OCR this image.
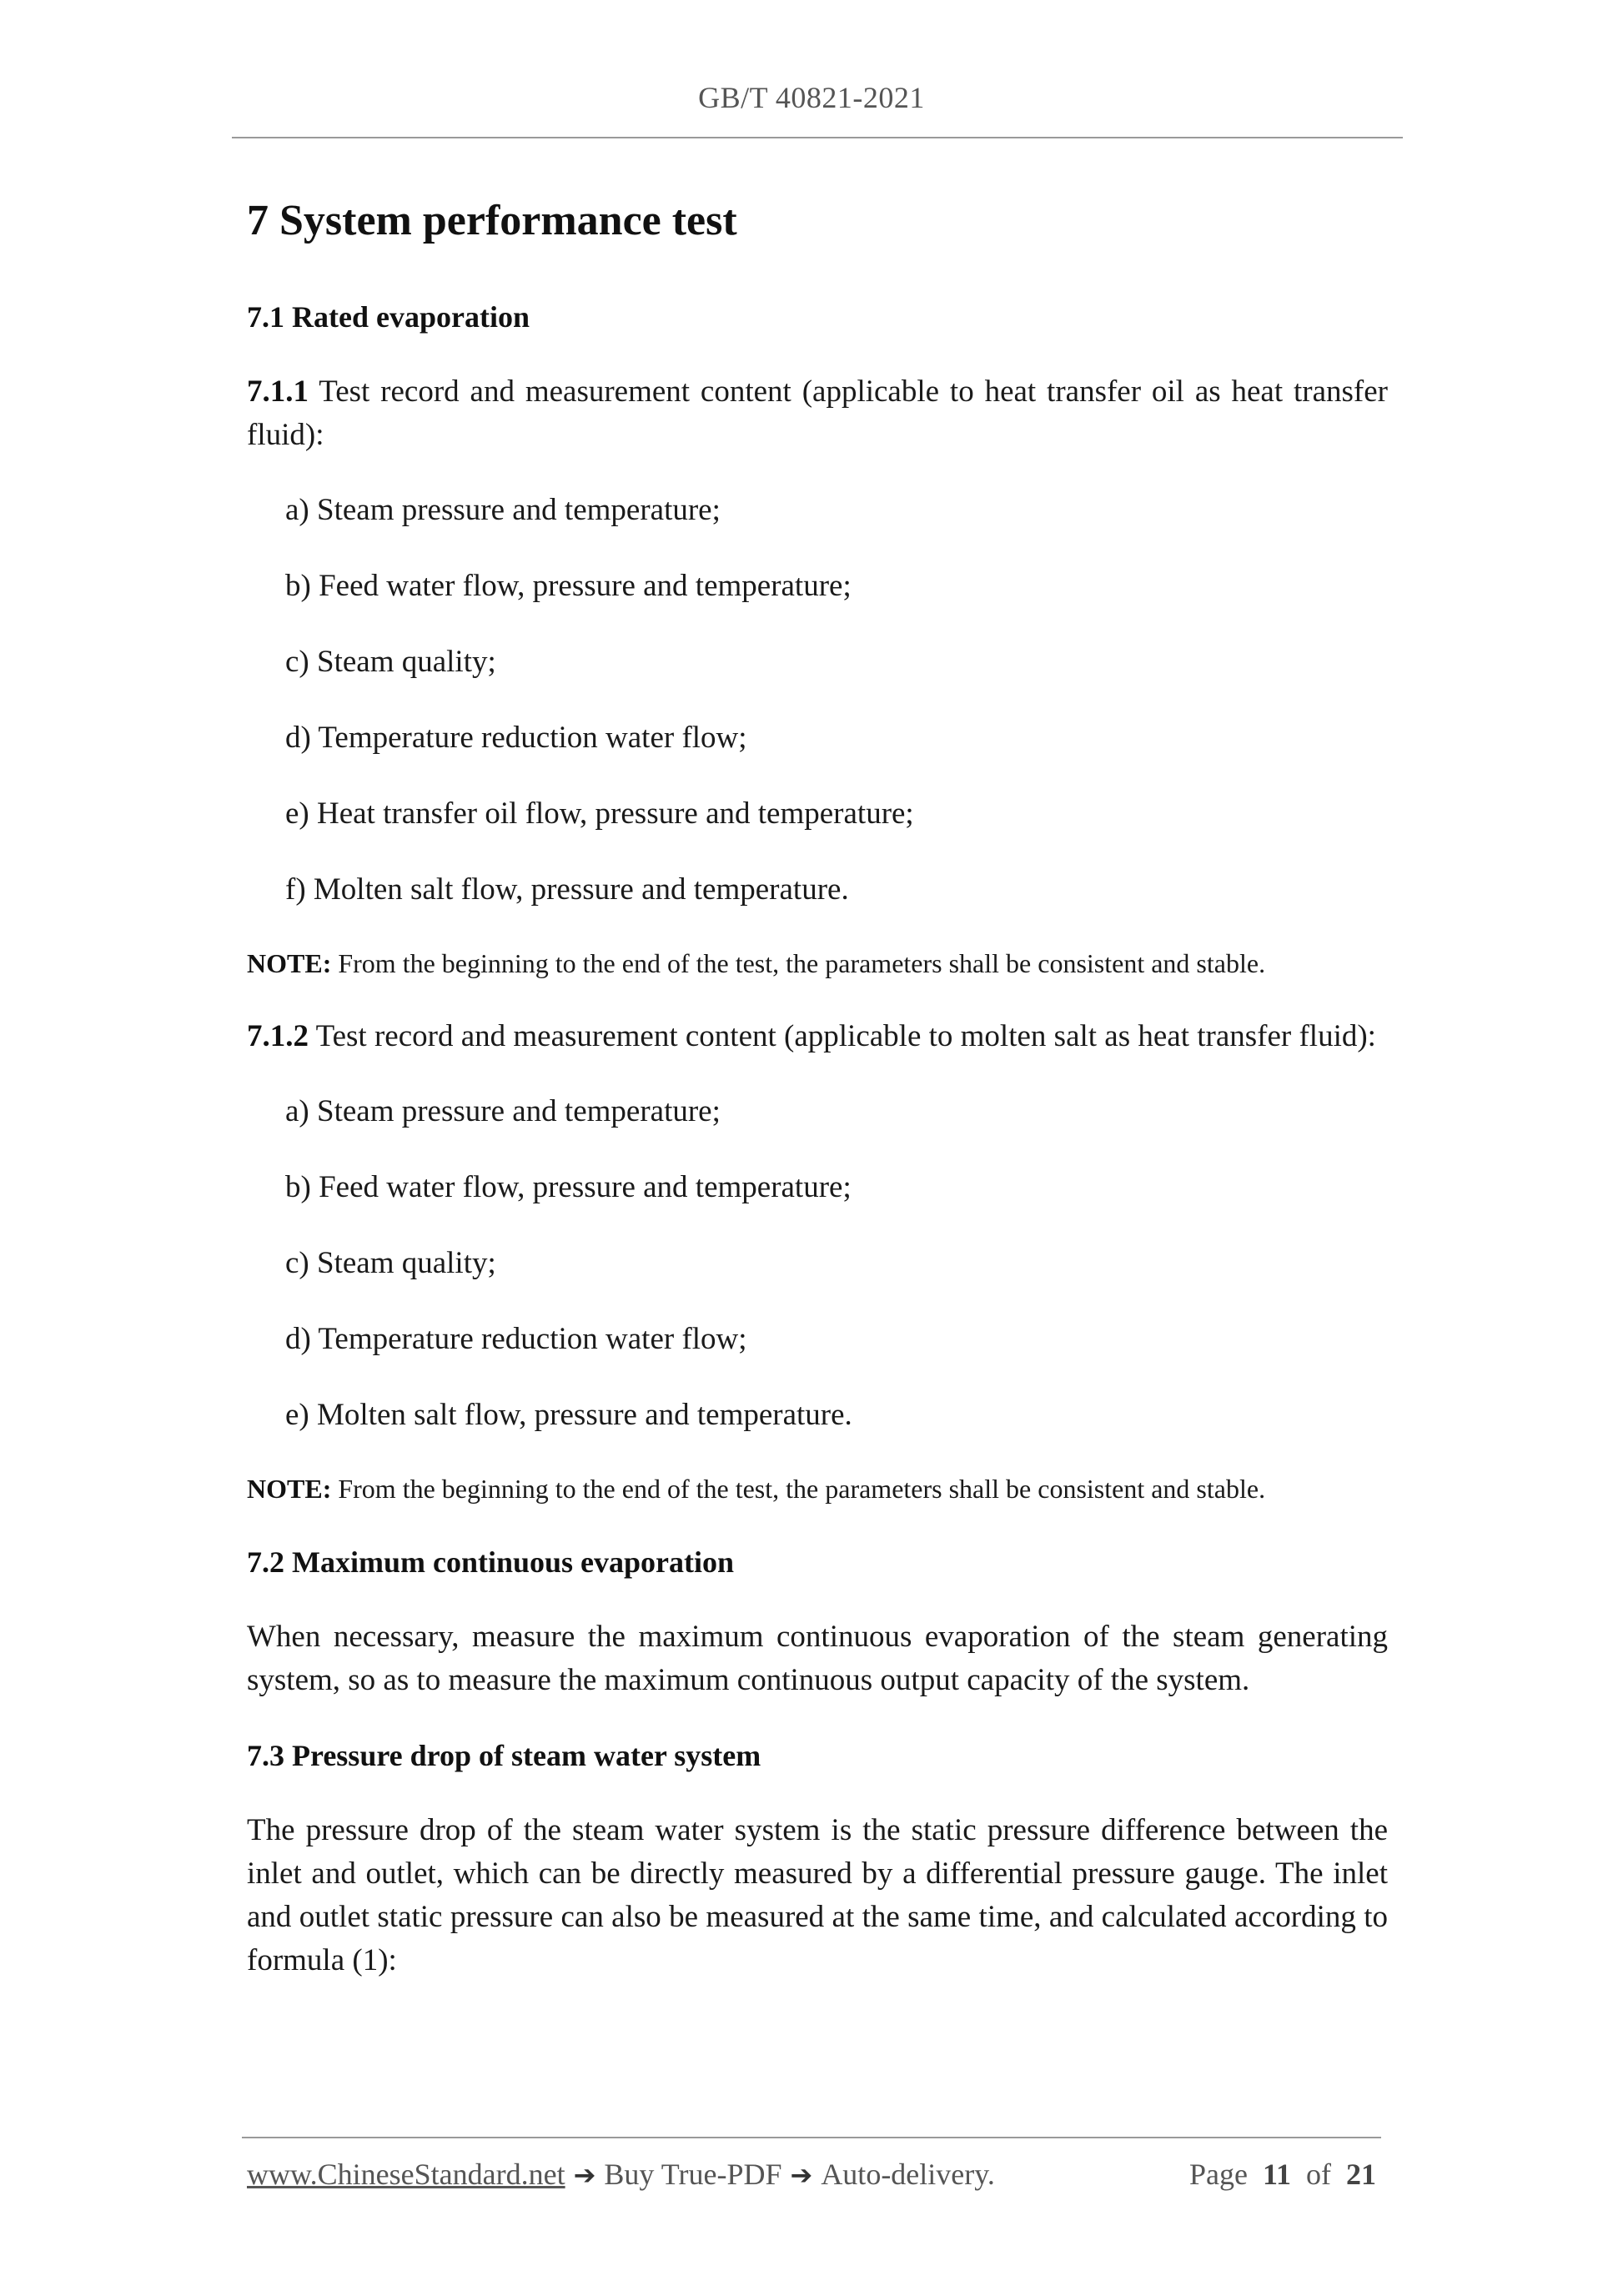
GB/T 40821-2021
7 System performance test
7.1 Rated evaporation

7.1.1 Test record and measurement content (applicable to heat transfer oil as heat transfer fluid):

a) Steam pressure and temperature;
b) Feed water flow, pressure and temperature;
c) Steam quality;
d) Temperature reduction water flow;
e) Heat transfer oil flow, pressure and temperature;
f) Molten salt flow, pressure and temperature.

NOTE: From the beginning to the end of the test, the parameters shall be consistent and stable.

7.1.2 Test record and measurement content (applicable to molten salt as heat transfer fluid):

a) Steam pressure and temperature;
b) Feed water flow, pressure and temperature;
c) Steam quality;
d) Temperature reduction water flow;
e) Molten salt flow, pressure and temperature.

NOTE: From the beginning to the end of the test, the parameters shall be consistent and stable.

7.2 Maximum continuous evaporation

When necessary, measure the maximum continuous evaporation of the steam generating system, so as to measure the maximum continuous output capacity of the system.

7.3 Pressure drop of steam water system

The pressure drop of the steam water system is the static pressure difference between the inlet and outlet, which can be directly measured by a differential pressure gauge. The inlet and outlet static pressure can also be measured at the same time, and calculated according to formula (1):

www.ChineseStandard.net ➔ Buy True-PDF ➔ Auto-delivery.	Page 11 of 21
